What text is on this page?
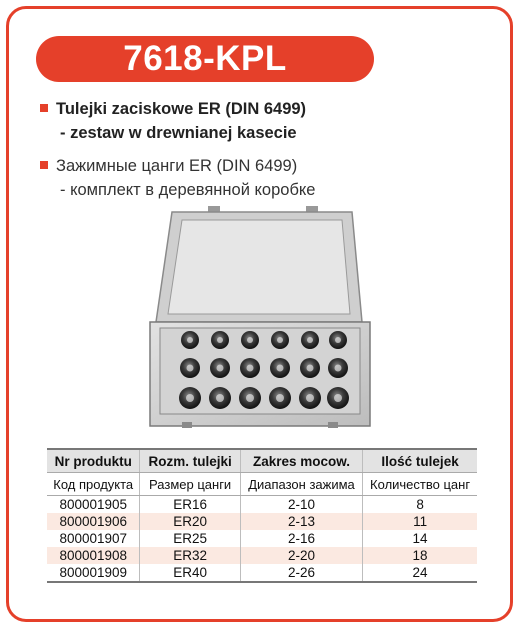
7618-KPL
Tulejki zaciskowe ER (DIN 6499)
- zestaw w drewnianej kasecie
Зажимные цанги ER (DIN 6499)
- комплект в деревянной коробке
Nr produktu	Rozm. tulejki	Zakres mocow.	Ilość tulejek
Код продукта	Размер цанги	Диапазон зажима	Количество цанг
800001905	ER16	2-10	8
800001906	ER20	2-13	11
800001907	ER25	2-16	14
800001908	ER32	2-20	18
800001909	ER40	2-26	24
